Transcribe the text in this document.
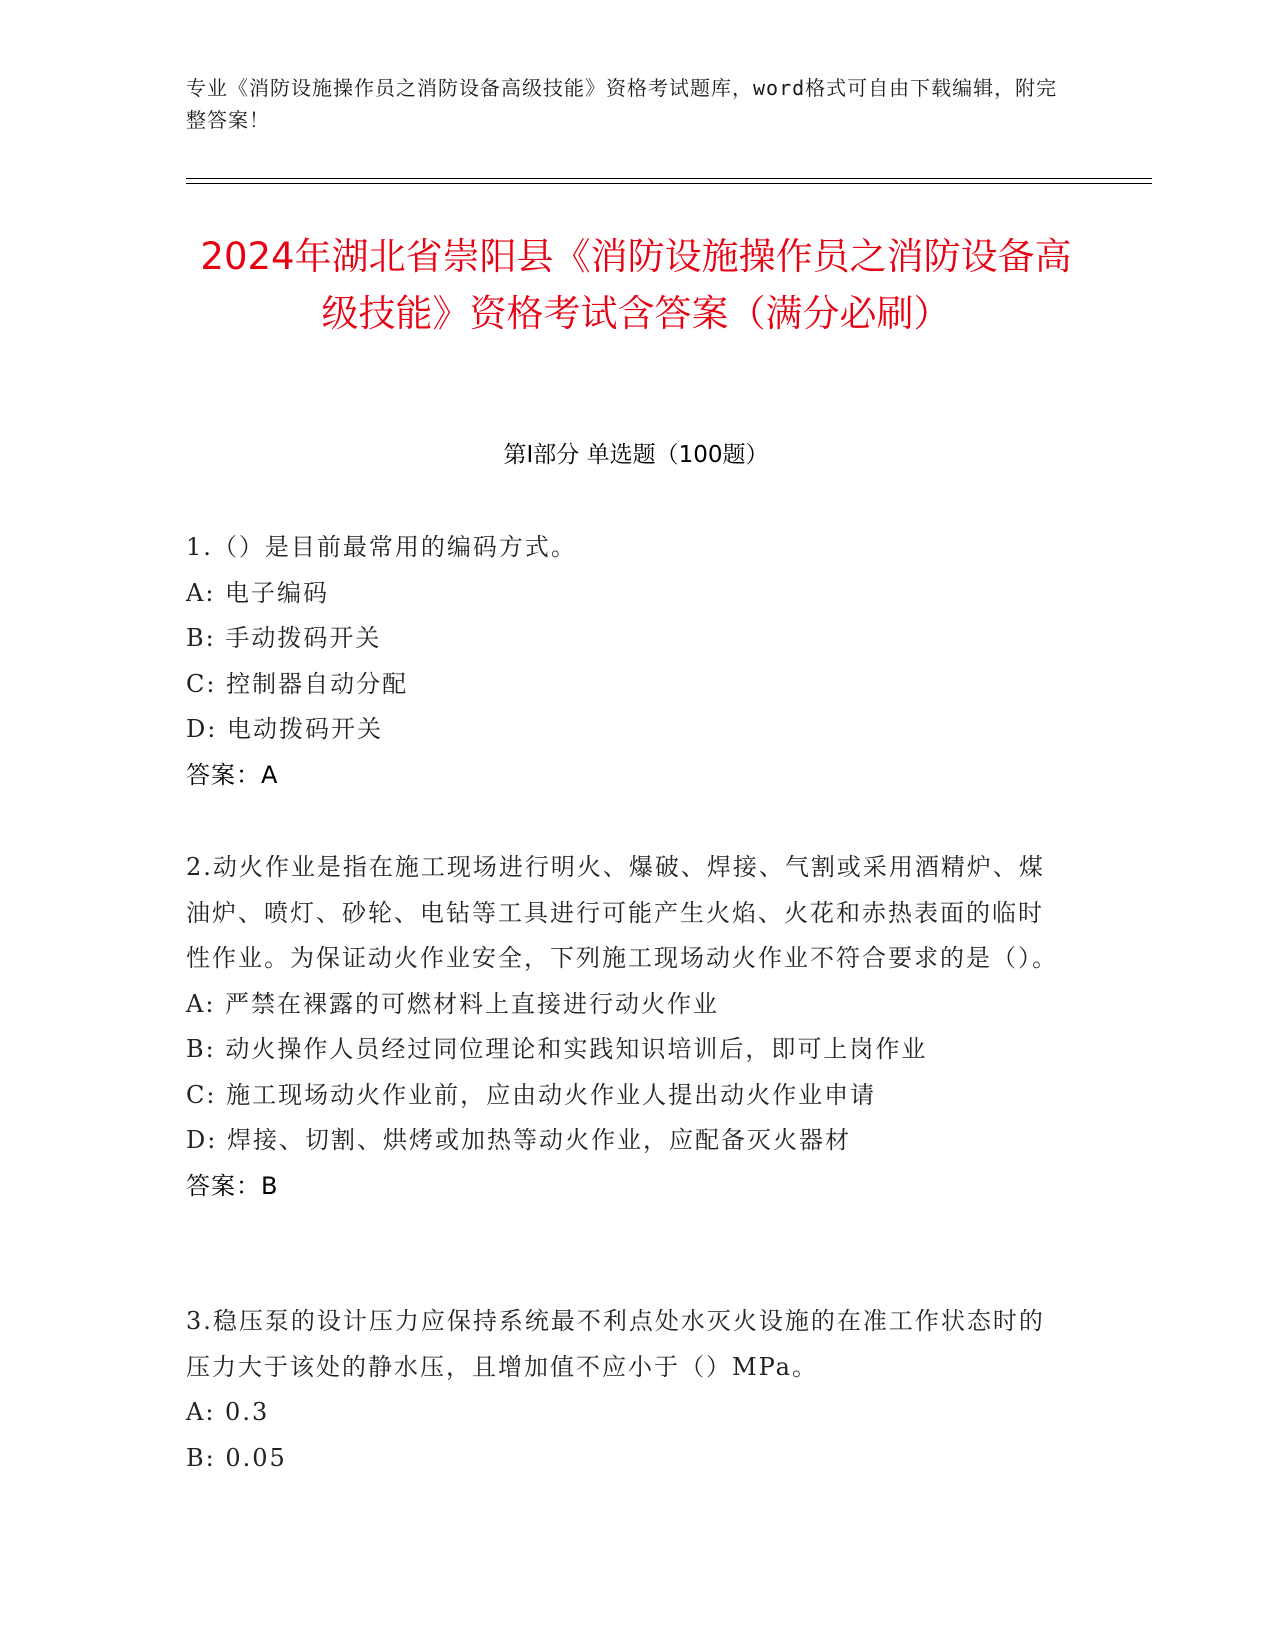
专业《消防设施操作员之消防设备高级技能》资格考试题库，word格式可自由下载编辑，附完整答案！
2024年湖北省崇阳县《消防设施操作员之消防设备高级技能》资格考试含答案（满分必刷）
第I部分 单选题（100题）
1.（）是目前最常用的编码方式。
A: 电子编码
B: 手动拨码开关
C: 控制器自动分配
D: 电动拨码开关
答案：A
2.动火作业是指在施工现场进行明火、爆破、焊接、气割或采用酒精炉、煤油炉、喷灯、砂轮、电钻等工具进行可能产生火焰、火花和赤热表面的临时性作业。为保证动火作业安全，下列施工现场动火作业不符合要求的是（）。
A: 严禁在裸露的可燃材料上直接进行动火作业
B: 动火操作人员经过同位理论和实践知识培训后，即可上岗作业
C: 施工现场动火作业前，应由动火作业人提出动火作业申请
D: 焊接、切割、烘烤或加热等动火作业，应配备灭火器材
答案：B
3.稳压泵的设计压力应保持系统最不利点处水灭火设施的在准工作状态时的压力大于该处的静水压，且增加值不应小于（）MPa。
A: 0.3
B: 0.05
